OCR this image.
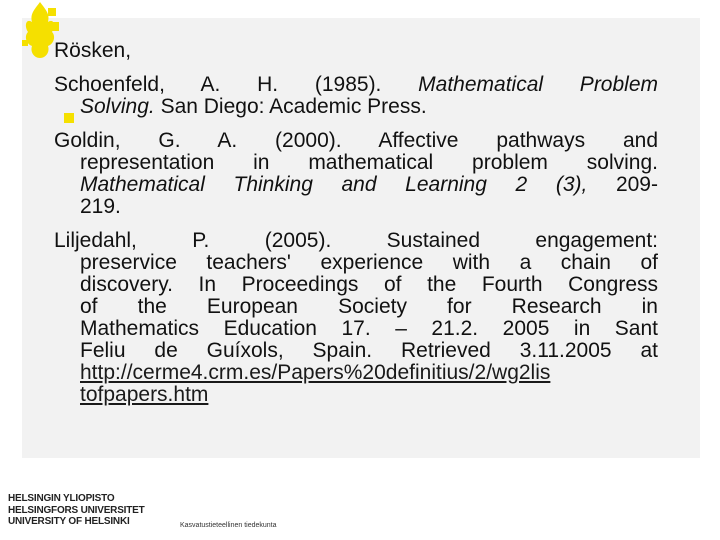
Rösken,
Schoenfeld, A. H. (1985). Mathematical Problem
Solving. San Diego: Academic Press.
Goldin, G. A. (2000). Affective pathways and
representation in mathematical problem solving.
Mathematical Thinking and Learning 2 (3), 209-
219.
Liljedahl, P. (2005). Sustained engagement:
preservice teachers' experience with a chain of
discovery. In Proceedings of the Fourth Congress
of the European Society for Research in
Mathematics Education 17. – 21.2. 2005 in Sant
Feliu de Guíxols, Spain. Retrieved 3.11.2005 at
http://cerme4.crm.es/Papers%20definitius/2/wg2lis
tofpapers.htm
HELSINGIN YLIOPISTO
HELSINGFORS UNIVERSITET
UNIVERSITY OF HELSINKI	Kasvatustieteellinen tiedekunta
